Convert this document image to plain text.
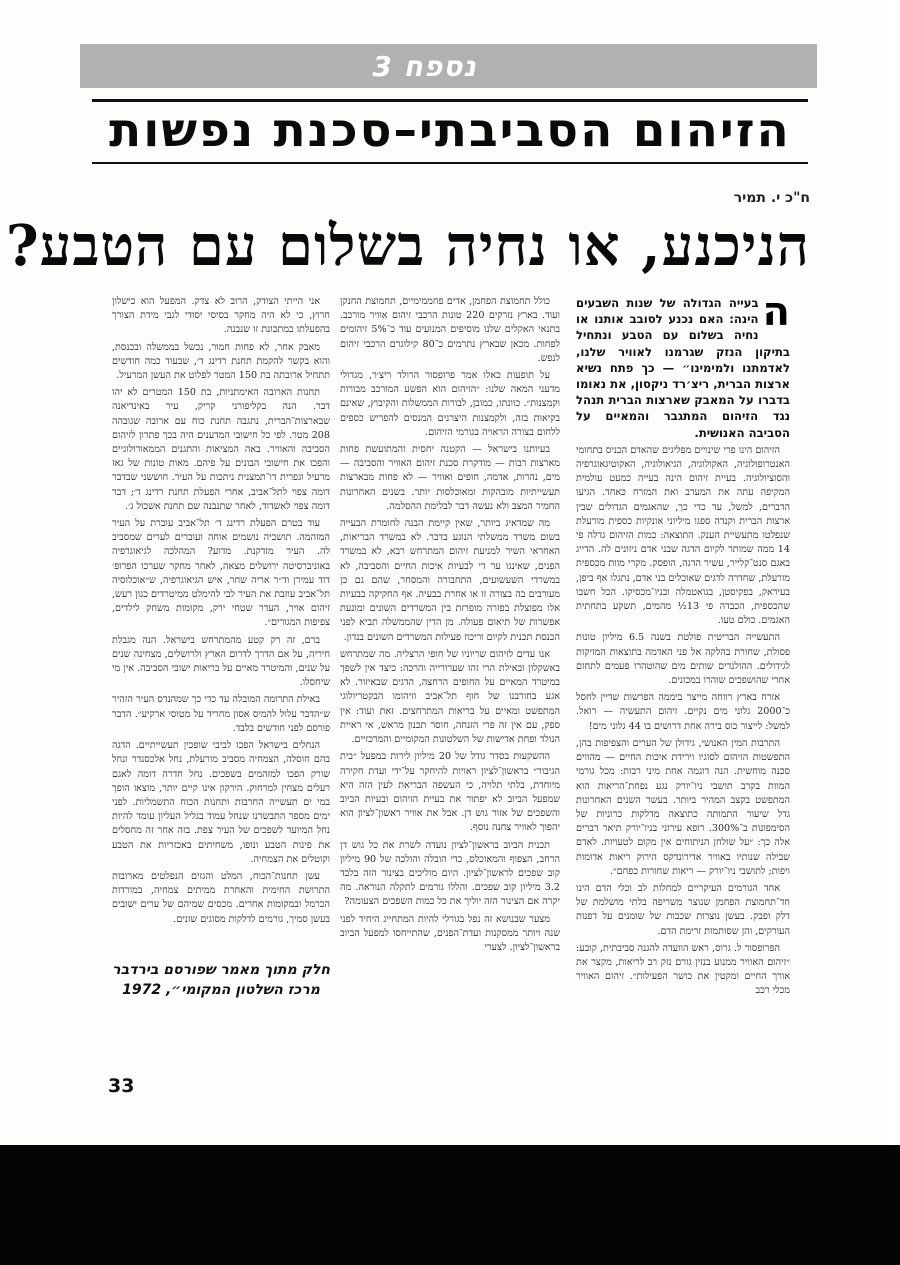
נספח 3
הזיהום הסביבתי–סכנת נפשות
ח"כ י. תמיר
הניכנע, או נחיה בשלום עם הטבע?

ה
בעייה הגדולה של שנות השבעים הינה: האם נכנע לסובב אותנו או נחיה בשלום עם הטבע ונתחיל בתיקון הנזק שגרמנו לאוויר שלנו, לאדמתנו ולמימינו״ — כך פתח נשיא ארצות הברית, ריצ׳רד ניקסון, את נאומו בדברו על המאבק שארצות הברית תנהל נגד הזיהום המתגבר והמאיים על הסביבה האנושית.

הזיהום הינו פרי שינויים מפליגים שהאדם הכניס בתחומי האנטרופולוגיה, האקולוגיה, הגיאולוגיה, האקוטיגאוגרפיה והסוציולוגיה. בעיית זיהום הינה בעייה כמעט עולמית המקיפה עתה את המערב ואת המזרח כאחד. הגיעו הדברים, למשל, עד כדי כך, שהאגמים הגדולים שבין ארצות הברית וקנדה ספגו מיליוני אונקיות כספית מורעלת שנפלטו מתעשיית הענק. התוצאה: כמות הזיהום גדלה פי 14 ממה שמותר לקיום הדגה שבני אדם ניזונים לה. הדייג באגם סנט־קלייר, עשיר הדגה, הופסק. מקרי מוות מכספית מורעלת, שחדרה לדגים שאוכלים בני אדם, נתגלו אף ביפן, בעיראק, בפקיסטן, בגואטמלה ובניו־מכסיקו. הכל חשבו שהכספית, הכבדה פי 13½ מהמים, תשקע בתחתית האגמים. כולם טעו.

התעשייה הבריטית פולטת בשנה 6.5 מיליון טונות פסולת, שחורת בהלקה אל פני האדמה בתוצאות המזיקות לגידולים. ההולנדים שותים מים שהוטהרו פעמים לתחום אחרי שהושפכים שוהרו במכונים.

אזרח בארץ רווחה מייצר ביממה הפרשות שדיין לחסל כ־2000 גלוני מים נקיים. זיהום התעשיה — רואל. למשל: לייצור כוס בירה אחת דרושים בו 44 גלוני מים!

התרבות המין האנושי, גידולן של הערים והצפיפות בהן, התפשטות הזיהום לסוגיו וירידת איכות החיים — מהווים סכנה מוחשית. הנה דוגמה אחת מיני רבות: מכל גורמי המוות בקרב תושבי ניו־יורק נגע נפחת־הריאות הוא המתפשט בקצב המהיר ביותר. בעשר השנים האחרונות גדל שיעור התמותה כתוצאה מדלקות כרוניות של הסימפונות ב־300%. רופא עירוני בניו־יורק תיאר דברים אלה כך: ״על שולחן הניתוחים אין מקום לטעויות. לאדם שבילה שנותיו באוויר אדירונדקס הירוק ריאות אדומות ויפות; לתושבי ניו־יורק — ריאות שחורות כפחם״.

אחד הגורמים העיקריים למחלות לב וכלי הדם הינו חד־תחמוצת הפחמן שנוצר משריפה בלתי מושלמת של דלק ופבק. בעשן נוצרות שכבות של שומנים על דפנות העורקים, והן שסותמות זרימת הדם.

הפרופסור ל. גרוס, ראש הוועדה להגנה סביבתית, קובע: ״זיהום האוויר ממנוע בנזין גורם נזק רב לריאות, מקצר את אורך החיים ומקטין את כושר הפעילות״. זיהום האוויר מכלי רכב

כולל תחמוצת הפחמן, אדים פחממימיים, תחמוצת החנקן ועוד. בארץ נזרקים 220 טונות הרכבי זיהום אוויר מורכב. בתנאי האקלים שלנו מוסיפים המנועים עוד כ־5% זיהומים לפחות. מכאן שבארץ נתרמים כ־80 קילוגרם הרכבי זיהום לנפש.

על תופעות כאלו אמר פרופסור הרולד ריצ׳ר, מגדולי מדעני המאה שלנו: ״הזיהום הוא הפשע המורכב מבורות וקמצנות״. כוונתו, כמובן, לבורות הממשלות והקיבוץ, שאינם בקיאות בזה, ולקמצנות היצרנים המנסים להפריש כספים ללחום בצורה הראויה בגורמי הזיהום.

בעיותנו בישראל — הקטנה יחסית והמתועשת פחות מארצות רבות — מודקרת סכנת זיהום האוויר והסביבה — מים, נהרות, אדמה, חופים ואוויר — לא פחות מבארצות תעשייתיות מובהקות ומאוכלסות יותר. בשנים האחרונות החמיר המצב ולא נעשה דבר לבלימת ההסלמה.

מה שמדאיג ביותר, שאין קיימת הבנה לחומרת הבעייה בשום משרד ממשלתי הנוגע בדבר. לא במשרד הבריאות, האחראי השיר למניעת זיהום המתרחש רבא, לא במשרד הפנים, שאינגו ער די לבעיות איכות החיים והסביבה, לא במשרדי השעשועים, התחבורה והמסחר, שהם גם כן מעורבים בה בצורה זו או אחרת בבעיה. אף החקיקה בבעיות אלו מפוצלת בפזרה מופרזת בין המשרדים השונים ומונעת אפשרות של תיאום פעולה. מן הדין שהממשלה תביא לפני הכנסת תכנית לקיום וריכוז פעילות המשרדים השונים בנדון.

אנו עדים לזיהום שריוניו של חופי הרצליה. מה שמתרחש באשקלון ובאילת הרי זהו שערורייה והרכה: כיצד אין לשפך במיטרד המאיים על החופים הרחצה, הדגים שבאיזור. לא אגע בחורבנו של חוף תל־אביב וזיהומו הבקטריולוגי המתפשט ומאיים על בריאות המתרחצים. זאת ועוד: אין ספק, עם אין זה פרי הזנחה, חוסר תכנון מראש, אי ראיית הנולד ופחת אדישות של השלטונות המקומיים והמרכזיים.

ההשקעות בסדר גודל של 20 מיליון לירות במפעל ״בית הגיבור״ בראשון־לציון ראויות להיחקר על־ידי ועדת חקירה מיוחדת, בלתי תלויה, כי העשפה הבריאת לעין הזה היא שמפעל הביוב לא יפתור את בעיית הזיהום ובעיות הביוב והשפכים של אזור גוש דן. אבל את אוויר ראשון־לציון הוא יהפוך לאוויר צחנה נוסף.

תכנית הביוב בראשון־לציון נועדה לשרת את כל גוש דן הרחב, הצפוף והמאוכלס, כדי הובלה והולכה של 90 מיליון קוב שפכים לראשון־לציון. היום מוליכים בצינור הזה בלבד 3.2 מיליון קוב שפכים. והללו גורמים לתקלה הנוראה. מה יקרה אם הצינור הזה יוליך את כל כמות השפכים הצעומה?

מצער שבנושא זה נפל בגורלי להיות המתחייג היחיד לפני שנה ויותר ממסקנות ועדת־הפנים, שהתייחסו למפעל הביוב בראשון־לציון. לצערי

אני הייתי הצודק, הרוב לא צדק. המפעל הוא כישלון חרוץ, כי לא היה מחקר בסיסי יסודי לגבי מידת הצורך בהפעלתו במתכונת זו שנבנה.

מאבק אחר, לא פחות חמור, נכשל בממשלה ובכנסת, והוא בקשר להקמת תחנת רדינג ד׳, שבעוד כמה חודשים תתחיל ארובתה בת 150 המטר לפלוט את העשן המרעיל.

תחנות הארובה האימתניות, בת 150 המטרים לא יהו דבר. הנה בקליפורני קריק, עיר באינדיאנה שבארצות־הברית, נתגבה תחנת כוח עם ארובה שגובהה 208 מטר. לפי כל חישובי המדענים היה בכך פתרון לזיהום הסביבה והאוויר. באה המציאות והתגנים הממאורולוגיים והפכו את חישובי הבונים על פיהם. מאות טונות של גאז מרעיל וגפרית דו־תמצנית ניתכות על העיר. חוששני שבדבר דומה צפוי לתל־אביב, אחרי הפעלת תחנת רדינג ד׳; דבר דומה צפוי לאשדוד, לאחר שתנבנה שם תחנת אשכול ג׳.

עוד בטרם הפעלת רדינג ד׳ תל־אביב עוברת על העיר המזהמה. תושביה נושמים אוחה ועוברים לערים שמסביב לה. העיר מזדקנת. מדוע? המהלכה לגיאוגרפיה באוניברסיטה ירושלים מצאה, לאחר מחקר שערכו הפרופ׳ דוד עמירן וד״ר אריה שחר, איש הגיאוגרפיה, ש״אוכלוסיה תל־אביב עוזבת את העיר לבי להימלט ממיטרדים כגון רעש, זיהום אויר, העדר שטחי ירק, מקומות משחק לילדים, צפיפות המגורים״.

ברם, זה רק קטע מהמתרחש בישראל. הנה מגבלת חיריה, על אם הדרך לדרום הארץ ולרושלים, מצחינה שנים על שנים, והמיטרד מאיים על בריאות ישובי הסביבה. אין מי שיחסלו.

באילת התרומה המובלה עד כדי כך שמהנדס העיר הזהיר ש״הדבר עלול להמיס אסון מחריד על מטוסי ארקיע״. הדבר פורסם לפני חודשים בלבד.

הנחלים בישראל הפכו לביבי שופכין תעשייתיים. הדגה בהם חוסלה, הצמחיה מסביב מורעלת, נחל אלכסנדר ונחל שורק הפכו למזהמים בשפכים. נחל חדרה דומה לאגם רעלים מצחין למרחוק. הירקון אינו קיים יותר, מוצאו הופך במי ים תעשייה החרבות ותחנות הכוח התשמליות. לפני ימים מספר התבשרנו שנחל עמוד בגליל העליון עומד להיות נחל המיועד לשפכים של העיר צפת. בזה אחר זה מחסלים את פינות הטבע ונופו, משחיתים באכזריות את הטבע וקוטלים את הצמחיה.

עשן תחנות־הכוח, המלט והגזים הנפלטים מארובות התרושת החימית והאחרת ממיתים צמחיה, במורדות הכרמל ובמקומות אחרים. מכסים שמיהם של ערים ישובים בעשן סמיך, גורמים לדלקות מסוגים שונים.

חלק מתוך מאמר שפורסם בירדבר
מרכז השלטון המקומי״, 1972
33
